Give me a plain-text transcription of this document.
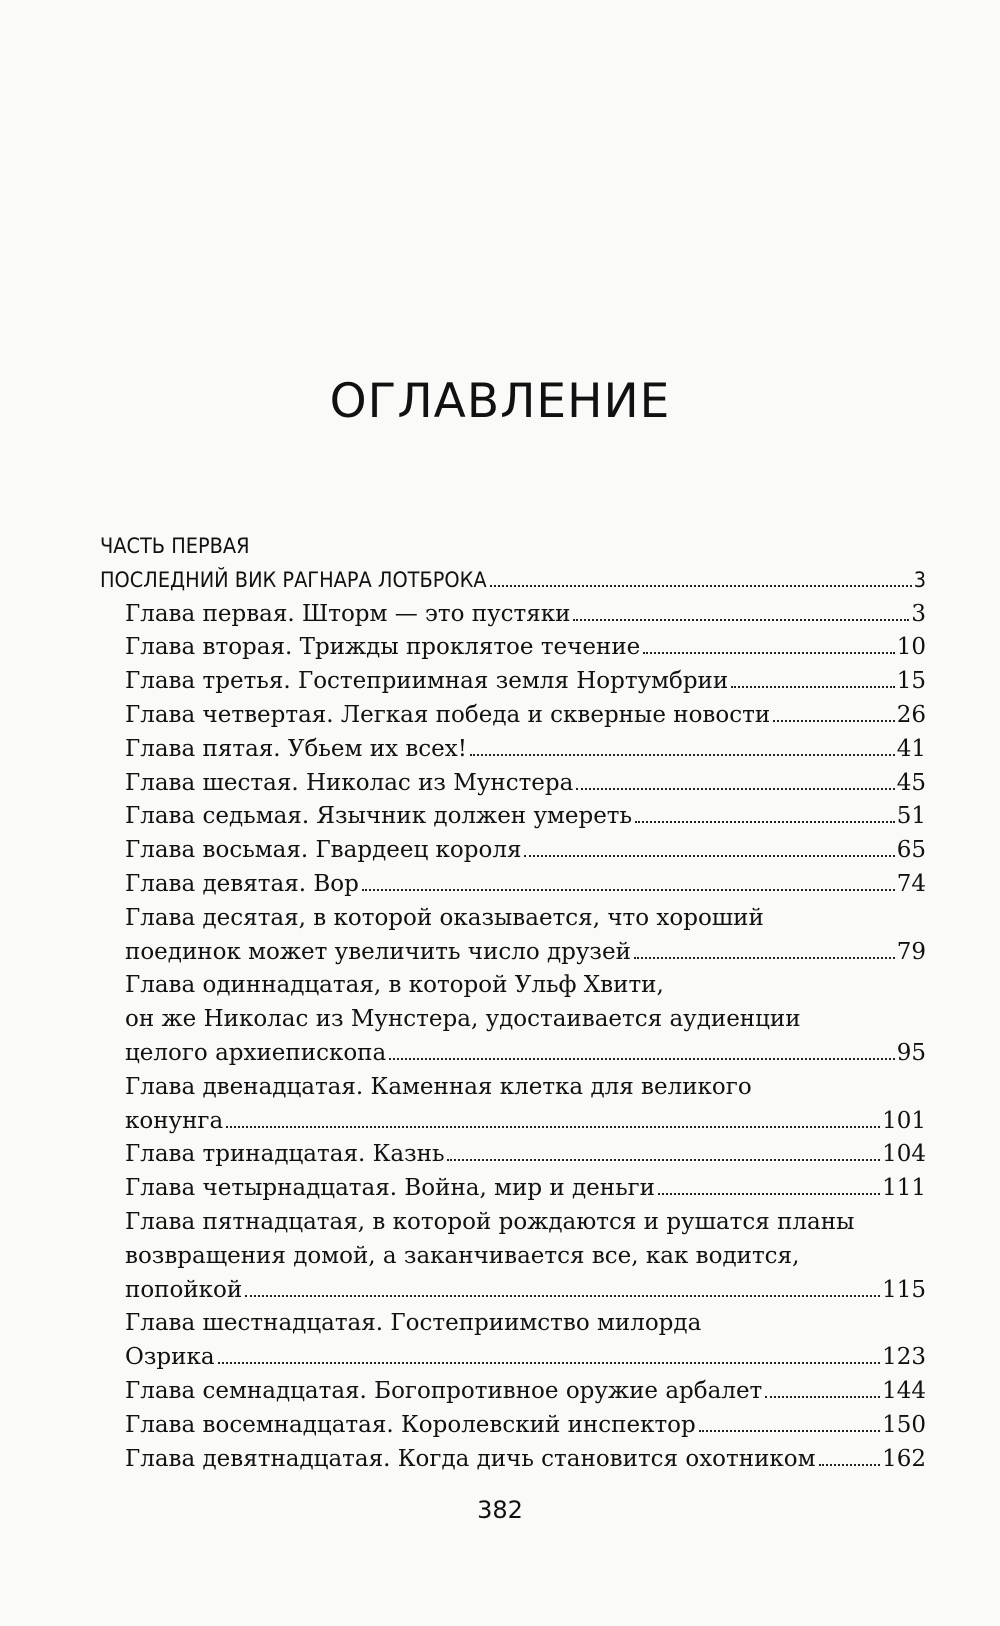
ОГЛАВЛЕНИЕ
ЧАСТЬ ПЕРВАЯ
ПОСЛЕДНИЙ ВИК РАГНАРА ЛОТБРОКА	3
Глава первая. Шторм — это пустяки	3
Глава вторая. Трижды проклятое течение	10
Глава третья. Гостеприимная земля Нортумбрии	15
Глава четвертая. Легкая победа и скверные новости	26
Глава пятая. Убьем их всех!	41
Глава шестая. Николас из Мунстера	45
Глава седьмая. Язычник должен умереть	51
Глава восьмая. Гвардеец короля	65
Глава девятая. Вор	74
Глава десятая, в которой оказывается, что хороший
поединок может увеличить число друзей	79
Глава одиннадцатая, в которой Ульф Хвити,
он же Николас из Мунстера, удостаивается аудиенции
целого архиепископа	95
Глава двенадцатая. Каменная клетка для великого
конунга	101
Глава тринадцатая. Казнь	104
Глава четырнадцатая. Война, мир и деньги	111
Глава пятнадцатая, в которой рождаются и рушатся планы
возвращения домой, а заканчивается все, как водится,
попойкой	115
Глава шестнадцатая. Гостеприимство милорда
Озрика	123
Глава семнадцатая. Богопротивное оружие арбалет	144
Глава восемнадцатая. Королевский инспектор	150
Глава девятнадцатая. Когда дичь становится охотником	162
382
